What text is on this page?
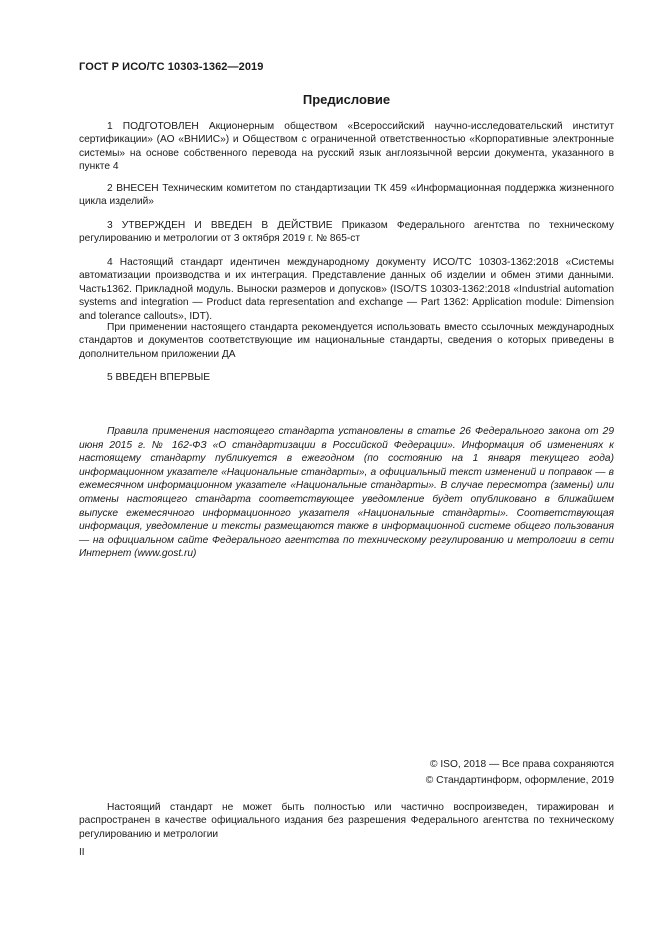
ГОСТ Р ИСО/ТС 10303-1362—2019
Предисловие

1 ПОДГОТОВЛЕН Акционерным обществом «Всероссийский научно-исследовательский институт сертификации» (АО «ВНИИС») и Обществом с ограниченной ответственностью «Корпоративные электронные системы» на основе собственного перевода на русский язык англоязычной версии документа, указанного в пункте 4

2 ВНЕСЕН Техническим комитетом по стандартизации ТК 459 «Информационная поддержка жизненного цикла изделий»

3 УТВЕРЖДЕН И ВВЕДЕН В ДЕЙСТВИЕ Приказом Федерального агентства по техническому регулированию и метрологии от 3 октября 2019 г. № 865-ст

4 Настоящий стандарт идентичен международному документу ИСО/ТС 10303-1362:2018 «Системы автоматизации производства и их интеграция. Представление данных об изделии и обмен этими данными. Часть1362. Прикладной модуль. Выноски размеров и допусков» (ISO/TS 10303-1362:2018 «Industrial automation systems and integration — Product data representation and exchange — Part 1362: Application module: Dimension and tolerance callouts», IDT).

При применении настоящего стандарта рекомендуется использовать вместо ссылочных международных стандартов и документов соответствующие им национальные стандарты, сведения о которых приведены в дополнительном приложении ДА

5 ВВЕДЕН ВПЕРВЫЕ

Правила применения настоящего стандарта установлены в статье 26 Федерального закона от 29 июня 2015 г. № 162-ФЗ «О стандартизации в Российской Федерации». Информация об изменениях к настоящему стандарту публикуется в ежегодном (по состоянию на 1 января текущего года) информационном указателе «Национальные стандарты», а официальный текст изменений и поправок — в ежемесячном информационном указателе «Национальные стандарты». В случае пересмотра (замены) или отмены настоящего стандарта соответствующее уведомление будет опубликовано в ближайшем выпуске ежемесячного информационного указателя «Национальные стандарты». Соответствующая информация, уведомление и тексты размещаются также в информационной системе общего пользования — на официальном сайте Федерального агентства по техническому регулированию и метрологии в сети Интернет (www.gost.ru)

© ISO, 2018 — Все права сохраняются
© Стандартинформ, оформление, 2019

Настоящий стандарт не может быть полностью или частично воспроизведен, тиражирован и распространен в качестве официального издания без разрешения Федерального агентства по техническому регулированию и метрологии

II
